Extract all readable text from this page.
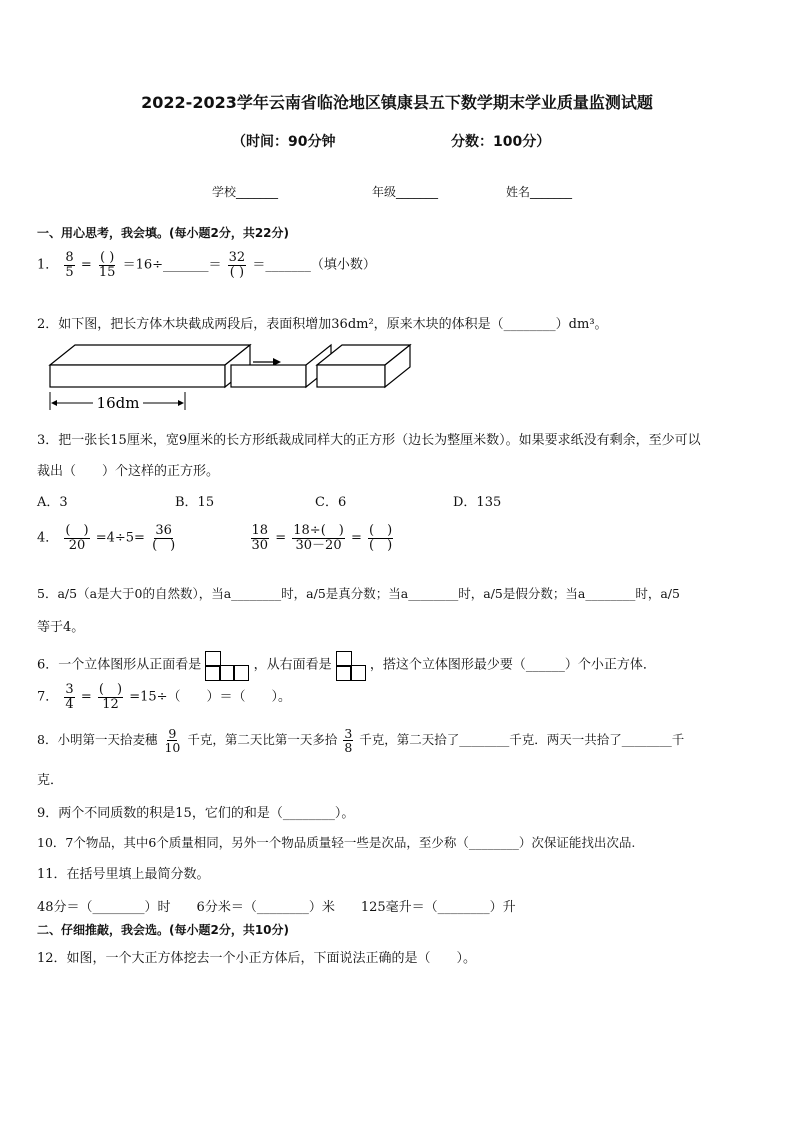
2022-2023学年云南省临沧地区镇康县五下数学期末学业质量监测试题
（时间：90分钟	分数：100分）
学校_______	年级_______	姓名_______
一、用心思考，我会填。(每小题2分，共22分)
1． $\frac{8}{5} = \frac{( )}{15}$ ＝16÷_______＝ $\frac{32}{( )}$ ＝_______（填小数）
2．如下图，把长方体木块截成两段后，表面积增加36dm²，原来木块的体积是（________）dm³。
16dm
3．把一张长15厘米，宽9厘米的长方形纸裁成同样大的正方形（边长为整厘米数）。如果要求纸没有剩余，至少可以
裁出（　　）个这样的正方形。
A．3	B．15	C．6	D．135
4． $\frac{( )}{20} =4\div 5= \frac{36}{( )}$
	$\frac{18}{30} = \frac{18\div( )}{30-20} = \frac{( )}{( )}$
5．a/5（a是大于0的自然数），当a________时，a/5是真分数；当a________时，a/5是假分数；当a________时，a/5
等于4。
6．一个立体图形从正面看是	，从右面看是	，搭这个立体图形最少要（______）个小正方体．
7． $\frac{3}{4} = \frac{( )}{12} =15\div$（　　）＝（　　）。
8．小明第一天拾麦穗 $\frac{9}{10}$ 千克，第二天比第一天多拾 $\frac{3}{8}$ 千克，第二天拾了________千克．两天一共拾了________千
克．
9．两个不同质数的积是15，它们的和是（________）。
10．7个物品，其中6个质量相同，另外一个物品质量轻一些是次品，至少称（________）次保证能找出次品.
11．在括号里填上最简分数。
48分＝（________）时　　6分米＝（________）米　　125毫升＝（________）升
二、仔细推敲，我会选。(每小题2分，共10分)
12．如图，一个大正方体挖去一个小正方体后，下面说法正确的是（　　）。
